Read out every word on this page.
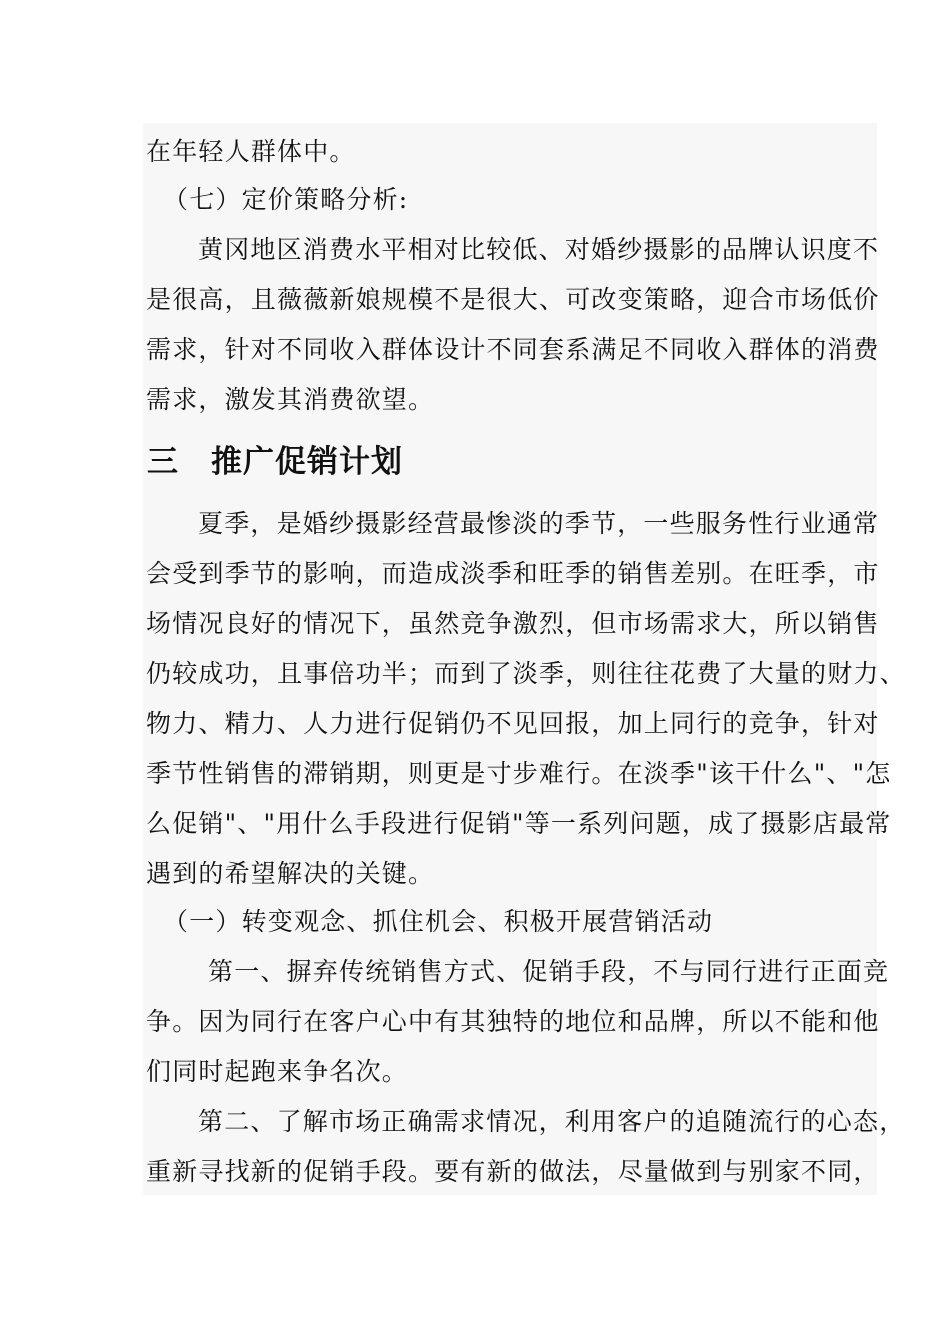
在年轻人群体中。
（七）定价策略分析:
黄冈地区消费水平相对比较低、对婚纱摄影的品牌认识度不
是很高，且薇薇新娘规模不是很大、可改变策略，迎合市场低价
需求，针对不同收入群体设计不同套系满足不同收入群体的消费
需求，激发其消费欲望。
三 推广促销计划
夏季，是婚纱摄影经营最惨淡的季节，一些服务性行业通常
会受到季节的影响，而造成淡季和旺季的销售差别。在旺季，市
场情况良好的情况下，虽然竞争激烈，但市场需求大，所以销售
仍较成功，且事倍功半；而到了淡季，则往往花费了大量的财力、
物力、精力、人力进行促销仍不见回报，加上同行的竞争，针对
季节性销售的滞销期，则更是寸步难行。在淡季"该干什么"、"怎
么促销"、"用什么手段进行促销"等一系列问题，成了摄影店最常
遇到的希望解决的关键。
（一）转变观念、抓住机会、积极开展营销活动
第一、摒弃传统销售方式、促销手段，不与同行进行正面竞
争。因为同行在客户心中有其独特的地位和品牌，所以不能和他
们同时起跑来争名次。
第二、了解市场正确需求情况，利用客户的追随流行的心态，
重新寻找新的促销手段。要有新的做法，尽量做到与别家不同，
